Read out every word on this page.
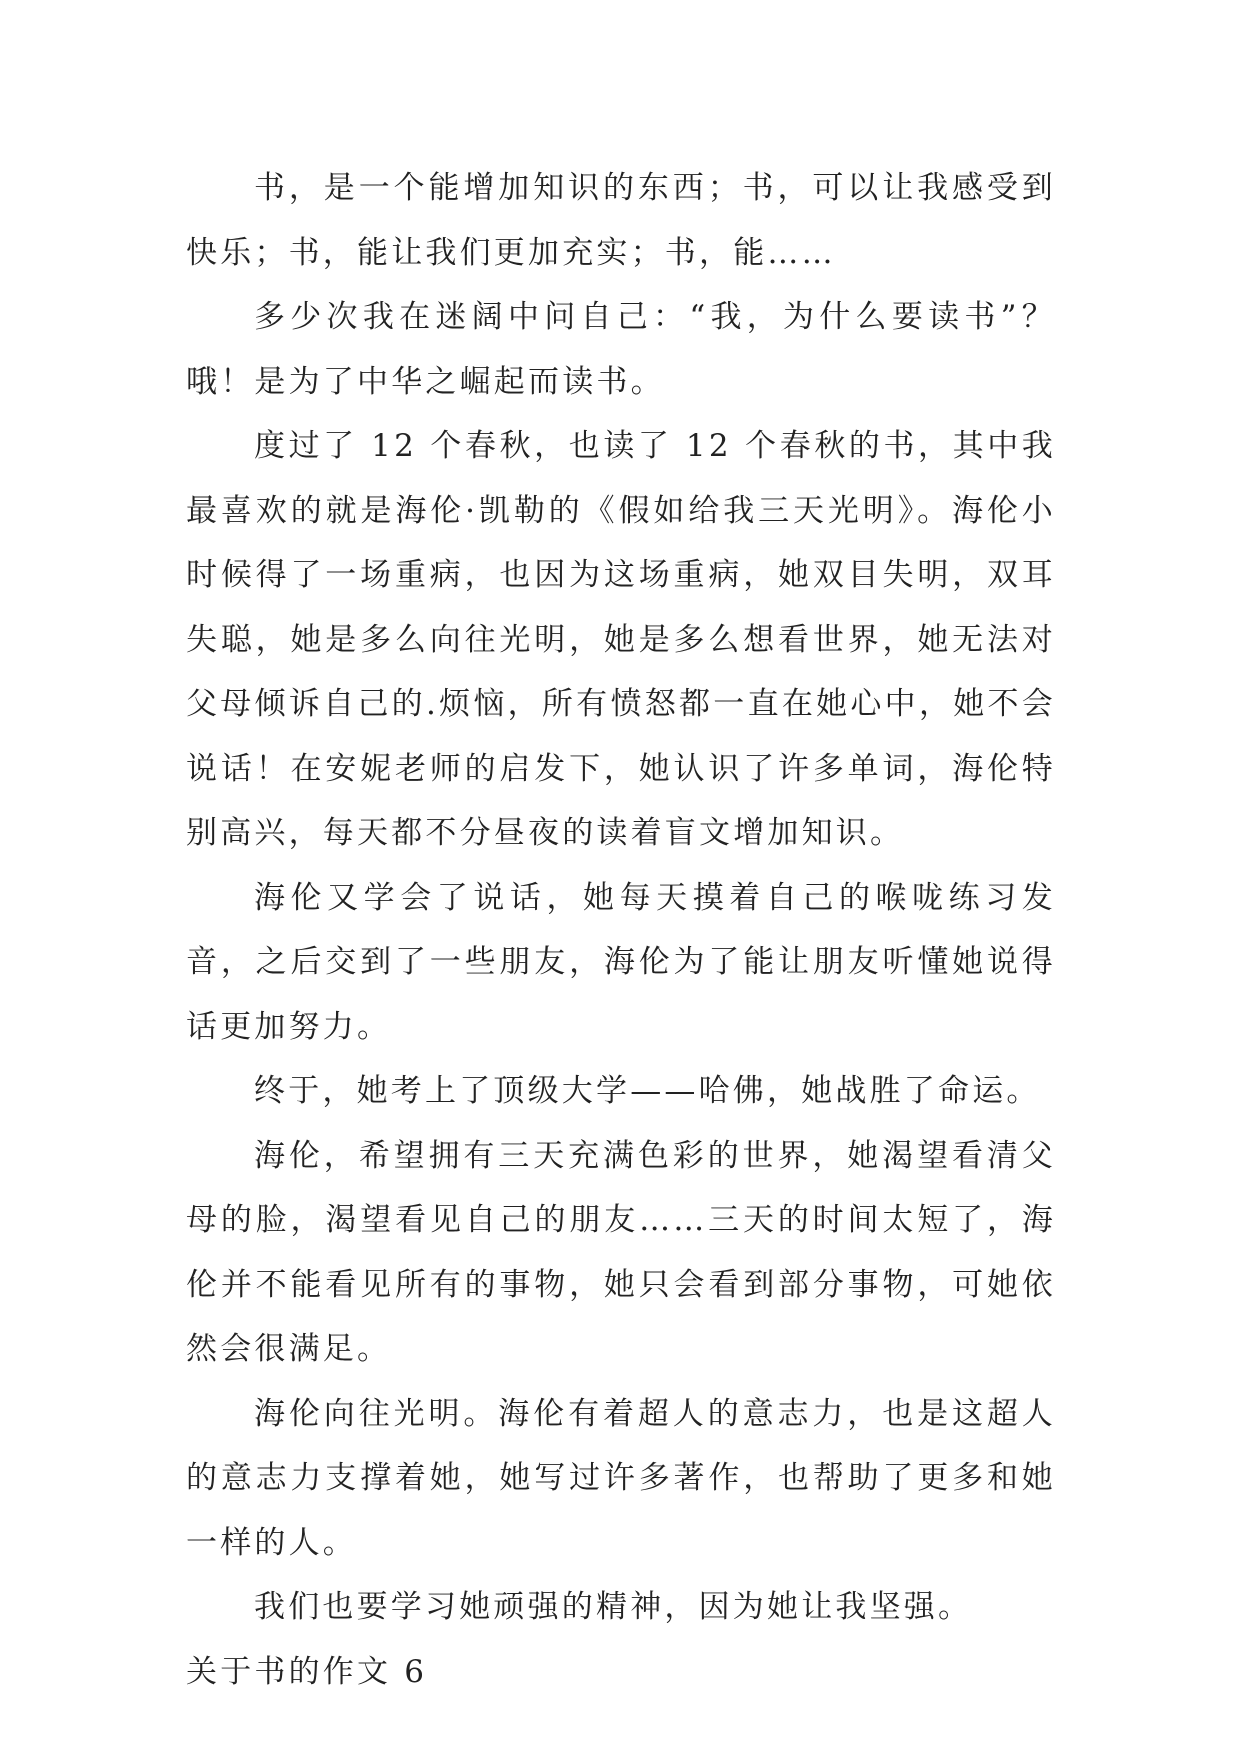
书，是一个能增加知识的东西；书，可以让我感受到快乐；书，能让我们更加充实；书，能……

多少次我在迷阔中问自己：“我，为什么要读书”？哦！是为了中华之崛起而读书。

度过了 12 个春秋，也读了 12 个春秋的书，其中我最喜欢的就是海伦·凯勒的《假如给我三天光明》。海伦小时候得了一场重病，也因为这场重病，她双目失明，双耳失聪，她是多么向往光明，她是多么想看世界，她无法对父母倾诉自己的.烦恼，所有愤怒都一直在她心中，她不会说话！在安妮老师的启发下，她认识了许多单词，海伦特别高兴，每天都不分昼夜的读着盲文增加知识。

海伦又学会了说话，她每天摸着自己的喉咙练习发音，之后交到了一些朋友，海伦为了能让朋友听懂她说得话更加努力。

终于，她考上了顶级大学——哈佛，她战胜了命运。

海伦，希望拥有三天充满色彩的世界，她渴望看清父母的脸，渴望看见自己的朋友……三天的时间太短了，海伦并不能看见所有的事物，她只会看到部分事物，可她依然会很满足。

海伦向往光明。海伦有着超人的意志力，也是这超人的意志力支撑着她，她写过许多著作，也帮助了更多和她一样的人。

我们也要学习她顽强的精神，因为她让我坚强。

关于书的作文 6
